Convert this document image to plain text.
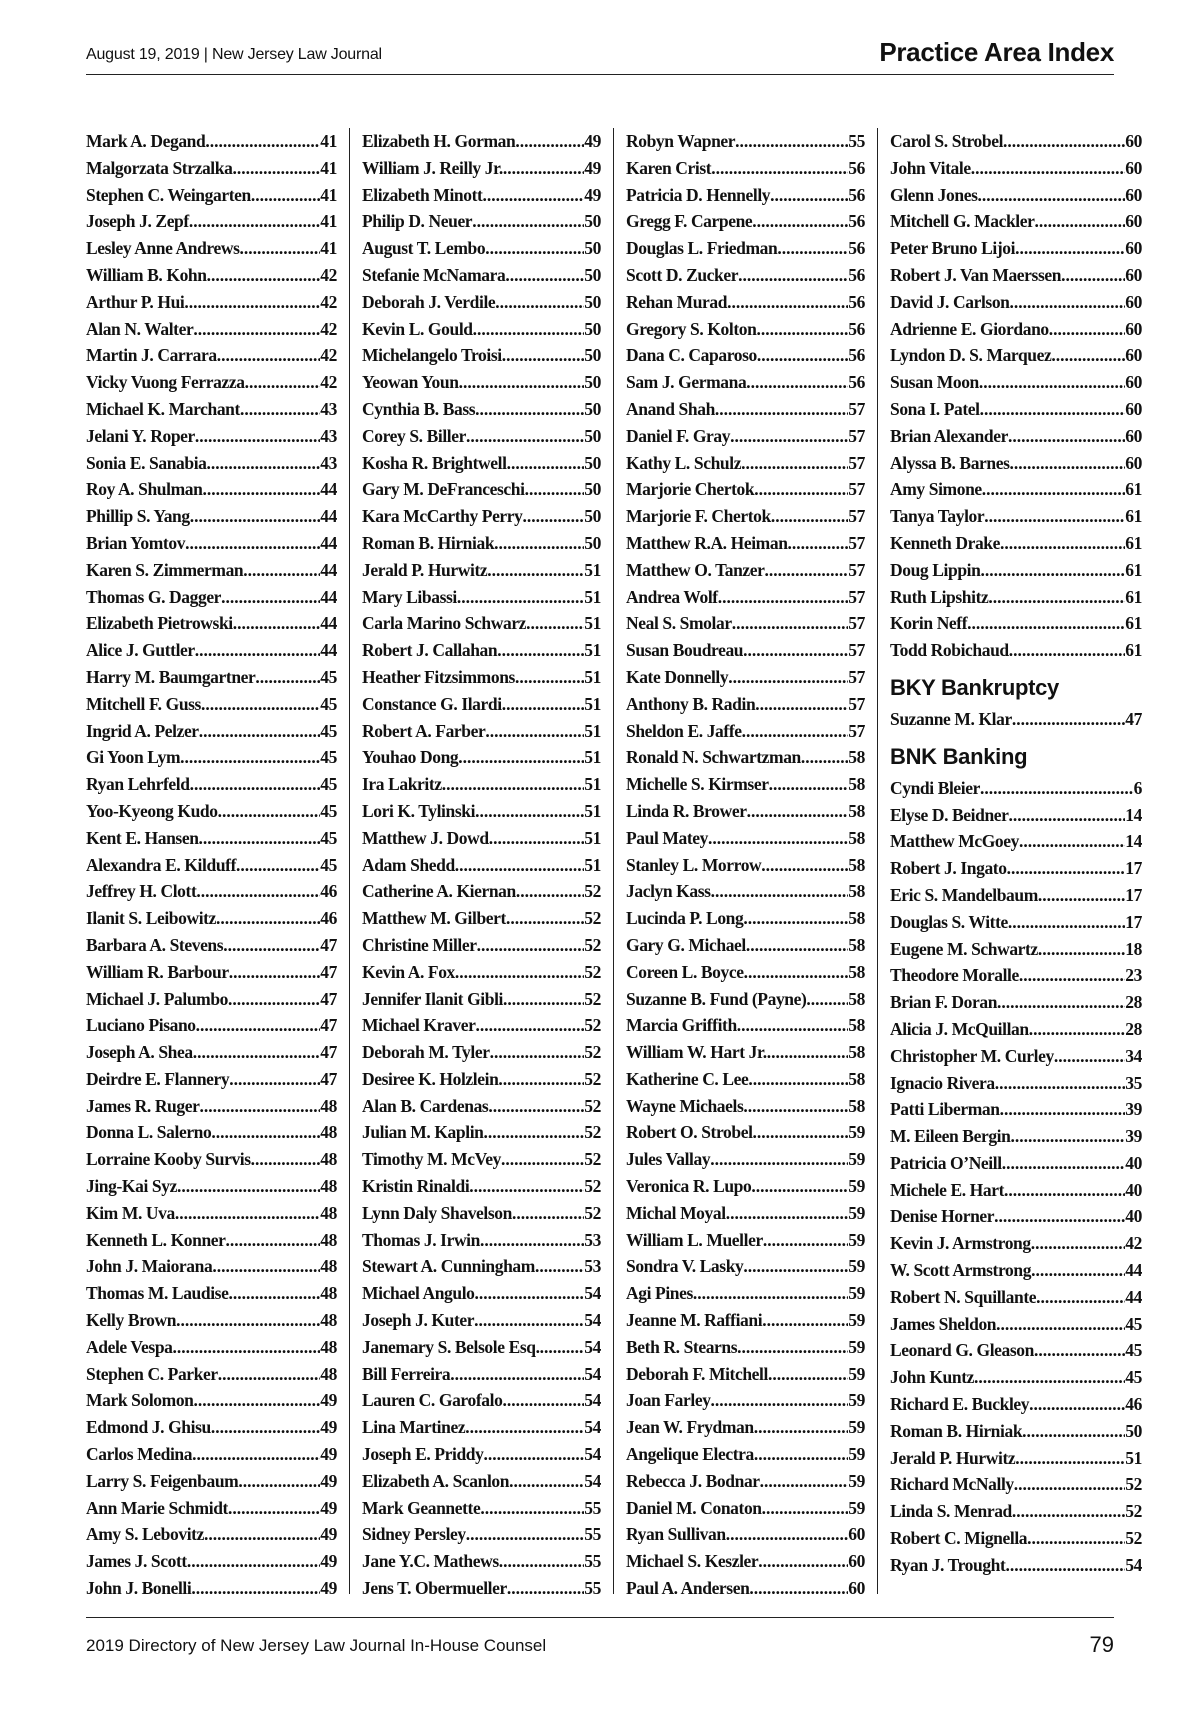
August 19, 2019 | New Jersey Law Journal	Practice Area Index
Mark A. Degand .....	41
Malgorzata Strzalka .....	41
Stephen C. Weingarten .....	41
Joseph J. Zepf .....	41
Lesley Anne Andrews .....	41
William B. Kohn .....	42
Arthur P. Hui .....	42
Alan N. Walter .....	42
Martin J. Carrara .....	42
Vicky Vuong Ferrazza .....	42
Michael K. Marchant .....	43
Jelani Y. Roper .....	43
Sonia E. Sanabia .....	43
Roy A. Shulman .....	44
Phillip S. Yang .....	44
Brian Yomtov .....	44
Karen S. Zimmerman .....	44
Thomas G. Dagger .....	44
Elizabeth Pietrowski .....	44
Alice J. Guttler .....	44
Harry M. Baumgartner .....	45
Mitchell F. Guss .....	45
Ingrid A. Pelzer .....	45
Gi Yoon Lym .....	45
Ryan Lehrfeld .....	45
Yoo-Kyeong Kudo .....	45
Kent E. Hansen .....	45
Alexandra E. Kilduff .....	45
Jeffrey H. Clott .....	46
Ilanit S. Leibowitz .....	46
Barbara A. Stevens .....	47
William R. Barbour .....	47
Michael J. Palumbo .....	47
Luciano Pisano .....	47
Joseph A. Shea .....	47
Deirdre E. Flannery .....	47
James R. Ruger .....	48
Donna L. Salerno .....	48
Lorraine Kooby Survis .....	48
Jing-Kai Syz .....	48
Kim M. Uva .....	48
Kenneth L. Konner .....	48
John J. Maiorana .....	48
Thomas M. Laudise .....	48
Kelly Brown .....	48
Adele Vespa .....	48
Stephen C. Parker .....	48
Mark Solomon .....	49
Edmond J. Ghisu .....	49
Carlos Medina .....	49
Larry S. Feigenbaum .....	49
Ann Marie Schmidt .....	49
Amy S. Lebovitz .....	49
James J. Scott .....	49
John J. Bonelli .....	49
Elizabeth H. Gorman .....	49
William J. Reilly Jr. .....	49
Elizabeth Minott .....	49
Philip D. Neuer .....	50
August T. Lembo .....	50
Stefanie McNamara .....	50
Deborah J. Verdile .....	50
Kevin L. Gould .....	50
Michelangelo Troisi .....	50
Yeowan Youn .....	50
Cynthia B. Bass .....	50
Corey S. Biller .....	50
Kosha R. Brightwell .....	50
Gary M. DeFranceschi .....	50
Kara McCarthy Perry .....	50
Roman B. Hirniak .....	50
Jerald P. Hurwitz .....	51
Mary Libassi .....	51
Carla Marino Schwarz .....	51
Robert J. Callahan .....	51
Heather Fitzsimmons .....	51
Constance G. Ilardi .....	51
Robert A. Farber .....	51
Youhao Dong .....	51
Ira Lakritz .....	51
Lori K. Tylinski .....	51
Matthew J. Dowd .....	51
Adam Shedd .....	51
Catherine A. Kiernan .....	52
Matthew M. Gilbert .....	52
Christine Miller .....	52
Kevin A. Fox .....	52
Jennifer Ilanit Gibli .....	52
Michael Kraver .....	52
Deborah M. Tyler .....	52
Desiree K. Holzlein .....	52
Alan B. Cardenas .....	52
Julian M. Kaplin .....	52
Timothy M. McVey .....	52
Kristin Rinaldi .....	52
Lynn Daly Shavelson .....	52
Thomas J. Irwin .....	53
Stewart A. Cunningham .....	53
Michael Angulo .....	54
Joseph J. Kuter .....	54
Janemary S. Belsole Esq. .....	54
Bill Ferreira .....	54
Lauren C. Garofalo .....	54
Lina Martinez .....	54
Joseph E. Priddy .....	54
Elizabeth A. Scanlon .....	54
Mark Geannette .....	55
Sidney Persley .....	55
Jane Y.C. Mathews .....	55
Jens T. Obermueller .....	55
Robyn Wapner .....	55
Karen Crist .....	56
Patricia D. Hennelly .....	56
Gregg F. Carpene .....	56
Douglas L. Friedman .....	56
Scott D. Zucker .....	56
Rehan Murad .....	56
Gregory S. Kolton .....	56
Dana C. Caparoso .....	56
Sam J. Germana .....	56
Anand Shah .....	57
Daniel F. Gray .....	57
Kathy L. Schulz .....	57
Marjorie Chertok .....	57
Marjorie F. Chertok .....	57
Matthew R.A. Heiman .....	57
Matthew O. Tanzer .....	57
Andrea Wolf .....	57
Neal S. Smolar .....	57
Susan Boudreau .....	57
Kate Donnelly .....	57
Anthony B. Radin .....	57
Sheldon E. Jaffe .....	57
Ronald N. Schwartzman .....	58
Michelle S. Kirmser .....	58
Linda R. Brower .....	58
Paul Matey .....	58
Stanley L. Morrow .....	58
Jaclyn Kass .....	58
Lucinda P. Long .....	58
Gary G. Michael .....	58
Coreen L. Boyce .....	58
Suzanne B. Fund (Payne) ..... 58
Marcia Griffith .....	58
William W. Hart Jr. .....	58
Katherine C. Lee .....	58
Wayne Michaels .....	58
Robert O. Strobel .....	59
Jules Vallay .....	59
Veronica R. Lupo .....	59
Michal Moyal .....	59
William L. Mueller .....	59
Sondra V. Lasky .....	59
Agi Pines .....	59
Jeanne M. Raffiani .....	59
Beth R. Stearns .....	59
Deborah F. Mitchell .....	59
Joan Farley .....	59
Jean W. Frydman .....	59
Angelique Electra .....	59
Rebecca J. Bodnar .....	59
Daniel M. Conaton .....	59
Ryan Sullivan .....	60
Michael S. Keszler .....	60
Paul A. Andersen .....	60
Carol S. Strobel .....	60
John Vitale .....	60
Glenn Jones .....	60
Mitchell G. Mackler .....	60
Peter Bruno Lijoi .....	60
Robert J. Van Maerssen .....	60
David J. Carlson .....	60
Adrienne E. Giordano .....	60
Lyndon D. S. Marquez .....	60
Susan Moon .....	60
Sona I. Patel .....	60
Brian Alexander .....	60
Alyssa B. Barnes .....	60
Amy Simone .....	61
Tanya Taylor .....	61
Kenneth Drake .....	61
Doug Lippin .....	61
Ruth Lipshitz .....	61
Korin Neff .....	61
Todd Robichaud .....	61
BKY Bankruptcy
Suzanne M. Klar .....	47
BNK Banking
Cyndi Bleier .....	6
Elyse D. Beidner .....	14
Matthew McGoey .....	14
Robert J. Ingato .....	17
Eric S. Mandelbaum .....	17
Douglas S. Witte .....	17
Eugene M. Schwartz .....	18
Theodore Moralle .....	23
Brian F. Doran .....	28
Alicia J. McQuillan .....	28
Christopher M. Curley .....	34
Ignacio Rivera .....	35
Patti Liberman .....	39
M. Eileen Bergin .....	39
Patricia O’Neill .....	40
Michele E. Hart .....	40
Denise Horner .....	40
Kevin J. Armstrong .....	42
W. Scott Armstrong .....	44
Robert N. Squillante .....	44
James Sheldon .....	45
Leonard G. Gleason .....	45
John Kuntz .....	45
Richard E. Buckley .....	46
Roman B. Hirniak .....	50
Jerald P. Hurwitz .....	51
Richard McNally .....	52
Linda S. Menrad .....	52
Robert C. Mignella .....	52
Ryan J. Trought .....	54
2019 Directory of New Jersey Law Journal In-House Counsel	79
